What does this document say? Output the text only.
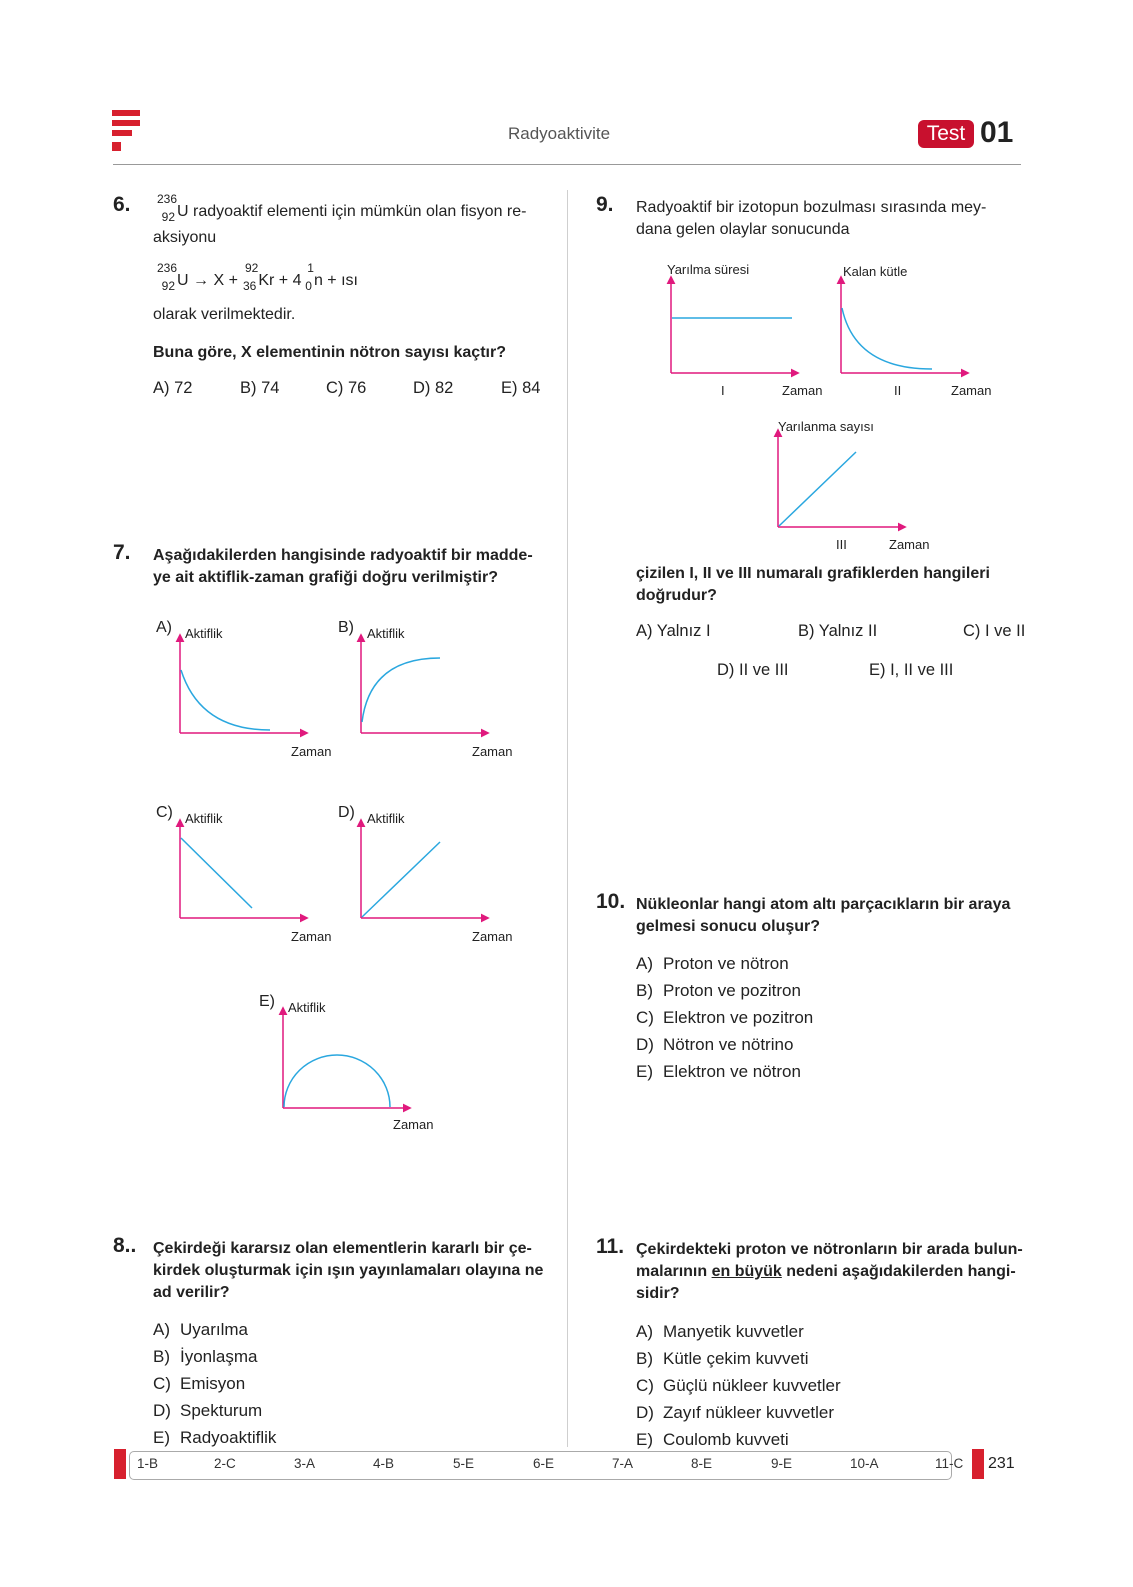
Radyoaktivite	Test 01
6. 236
92 U radyoaktif elementi için mümkün olan fisyon re-
aksiyonu
236
92 U → X +
92
36 Kr + 4
1
0 n + ısı
olarak verilmektedir.
Buna göre, X elementinin nötron sayısı kaçtır?
A) 72	B) 74	C) 76	D) 82	E) 84
7. Aşağıdakilerden hangisinde radyoaktif bir madde-
ye ait aktiflik-zaman grafiği doğru verilmiştir?
A) Aktiflik
Zaman
B) Aktiflik
Zaman
C) Aktiflik
Zaman
D) Aktiflik
Zaman
E) Aktiflik
Zaman
8.. Çekirdeği kararsız olan elementlerin kararlı bir çe-
kirdek oluşturmak için ışın yayınlamaları olayına ne
ad verilir?
A) Uyarılma
B) İyonlaşma
C) Emisyon
D) Spekturum
E) Radyoaktiflik
9. Radyoaktif bir izotopun bozulması sırasında mey-
dana gelen olaylar sonucunda
Yarılma süresi
I	Zaman
Kalan kütle
II	Zaman
Yarılanma sayısı
III	Zaman
çizilen I, II ve III numaralı grafiklerden hangileri
doğrudur?
A) Yalnız I	B) Yalnız II	C) I ve II
D) II ve III	E) I, II ve III
10. Nükleonlar hangi atom altı parçacıkların bir araya
gelmesi sonucu oluşur?
A) Proton ve nötron
B) Proton ve pozitron
C) Elektron ve pozitron
D) Nötron ve nötrino
E) Elektron ve nötron
11. Çekirdekteki proton ve nötronların bir arada bulun-
malarının en büyük nedeni aşağıdakilerden hangi-
sidir?
A) Manyetik kuvvetler
B) Kütle çekim kuvveti
C) Güçlü nükleer kuvvetler
D) Zayıf nükleer kuvvetler
E) Coulomb kuvveti
1-B	2-C	3-A	4-B	5-E	6-E	7-A	8-E	9-E	10-A	11-C 231
